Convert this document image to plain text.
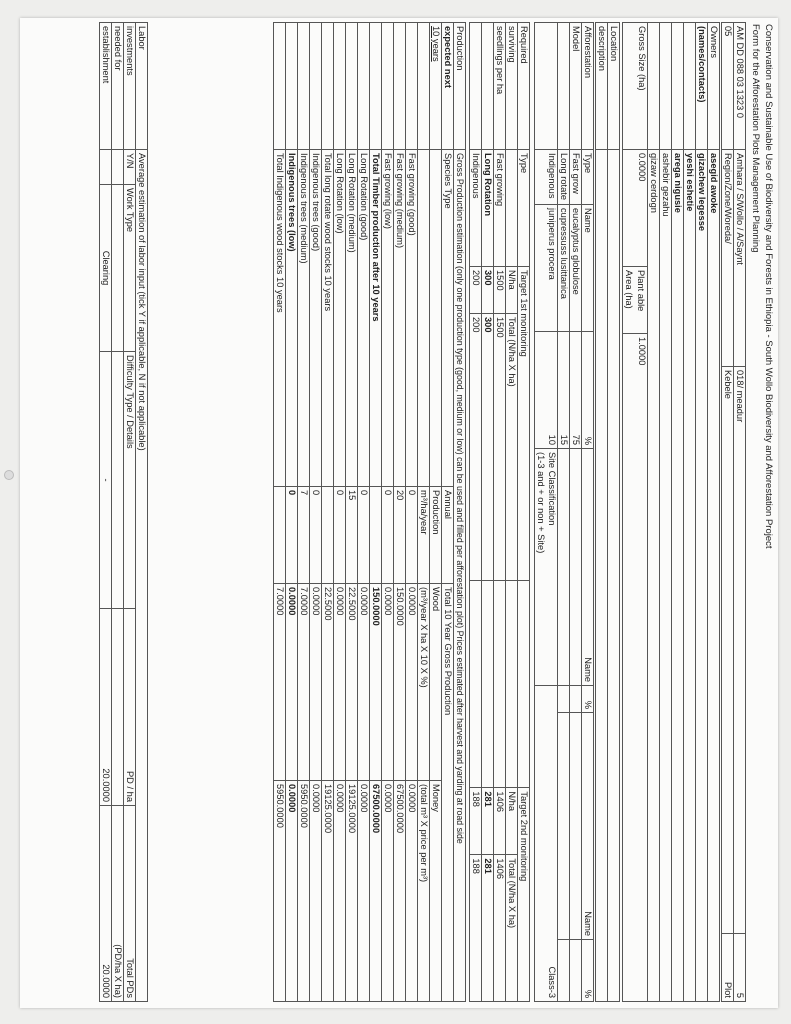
Conservation and Sustainable Use of Biodiversity and Forests in Ethiopia - South Wollo Biodiversity and Afforestation Project
Form for the Afforestation Plots Management Planning
AM DD 088 03 1323 0	Amhara / S/Wollo / A/Saynt	018/ meadur	5
05	Region/Zone/Woreda/	Kebele	Plot
Owners	asegid awoke
(names/contacts)	gizachew legesse
	yeshi eshetie
	arega nigusie
	ashebir gezahu
	gizaw cerdogn
Gross Size (ha)	0.0000	
Plant able
Area (ha)
	1.0000
Location	
description	
Afforestation	Type	Name	%	Name	%	Name	%
Model	Fast grow	eucalyptus globulose	75				
	Long rotate	cupressuss lusittanica	15				
	Indigenous	juniperus procera	10	Site Classification
(1-3 and + or non + Site)	Class-3		
Required	Type	Target 1st monitoring			Target 2nd monitoring	
surviving		N/ha	Total (N/ha X ha)		N/ha	Total (N/ha X ha)
seedlings per ha	Fast growing	1500	1500		1406	1406
	Long Rotation	300	300		281	281
	Indigenous	200	200		188	188
Production	Gross Production estimation (only one production type (good, medium or low) can be used and filled per afforestation plot) Prices estimated after harvest and yarding at road side			
expected next	Species Type	Annual	Total 10 Year Gross Production	
10 years		Production	Wood	Money
		m³/ha/year	(m³/year X ha X 10 X %)	(total m³ X price per m³)
	Fast growing (good)	0	0.0000	0.0000
	Fast growing (medium)	20	150.0000	67500.0000
	Fast growing (low)	0	0.0000	0.0000
	Total Timber production after 10 years		150.0000	67500.0000
	Long Rotation (good)	0	0.0000	0.0000
	Long Rotation (medium)	15	22.5000	19125.0000
	Long Rotation (low)	0	0.0000	0.0000
	Total long rotate wood stocks 10 years		22.5000	19125.0000
	Indigenous trees (good)	0	0.0000	0.0000
	Indigenous trees (medium)	7	7.0000	5950.0000
	Indigenous trees (low)	0	0.0000	0.0000
	Total Indigenous wood stocks 10 years		7.0000	5950.0000
Labor	Average estimation of labor input (tick Y if applicable, N if not applicable)				
investments	Y/N	Work Type	Difficulty Type / Details	PD / ha	Total PDs
needed for					(PD/ha X ha)
establishment		Clearing	-	20.0000	20.0000
